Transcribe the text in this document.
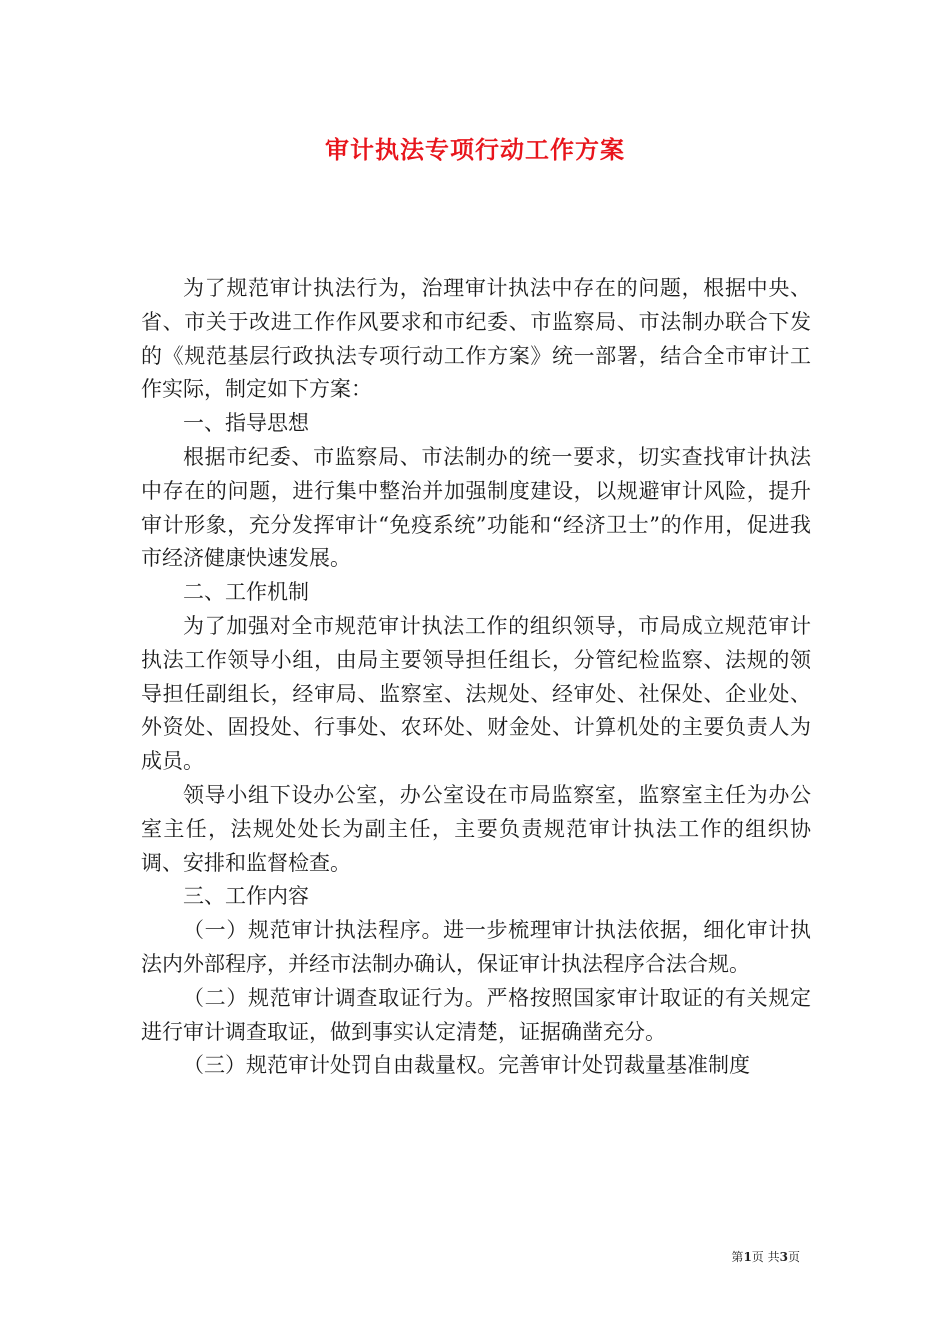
审计执法专项行动工作方案

为了规范审计执法行为，治理审计执法中存在的问题，根据中央、省、市关于改进工作作风要求和市纪委、市监察局、市法制办联合下发的《规范基层行政执法专项行动工作方案》统一部署，结合全市审计工作实际，制定如下方案：

一、指导思想

根据市纪委、市监察局、市法制办的统一要求，切实查找审计执法中存在的问题，进行集中整治并加强制度建设，以规避审计风险，提升审计形象，充分发挥审计“免疫系统”功能和“经济卫士”的作用，促进我市经济健康快速发展。

二、工作机制

为了加强对全市规范审计执法工作的组织领导，市局成立规范审计执法工作领导小组，由局主要领导担任组长，分管纪检监察、法规的领导担任副组长，经审局、监察室、法规处、经审处、社保处、企业处、外资处、固投处、行事处、农环处、财金处、计算机处的主要负责人为成员。

领导小组下设办公室，办公室设在市局监察室，监察室主任为办公室主任，法规处处长为副主任，主要负责规范审计执法工作的组织协调、安排和监督检查。

三、工作内容

（一）规范审计执法程序。进一步梳理审计执法依据，细化审计执法内外部程序，并经市法制办确认，保证审计执法程序合法合规。

（二）规范审计调查取证行为。严格按照国家审计取证的有关规定进行审计调查取证，做到事实认定清楚，证据确凿充分。

（三）规范审计处罚自由裁量权。完善审计处罚裁量基准制度

第1页 共3页
